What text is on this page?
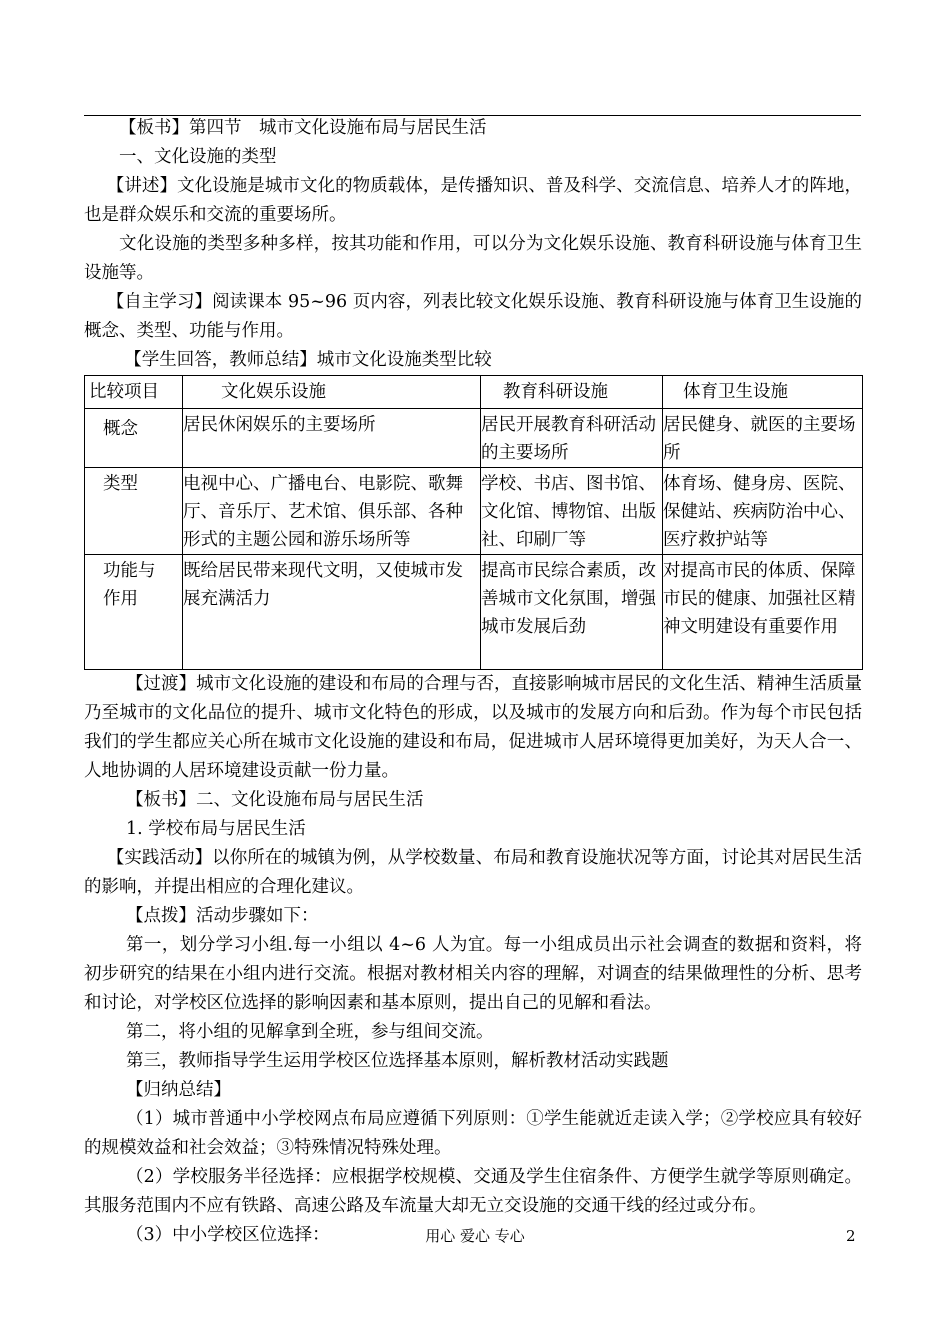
【板书】第四节　城市文化设施布局与居民生活

一、文化设施的类型

【讲述】文化设施是城市文化的物质载体，是传播知识、普及科学、交流信息、培养人才的阵地，也是群众娱乐和交流的重要场所。

文化设施的类型多种多样，按其功能和作用，可以分为文化娱乐设施、教育科研设施与体育卫生设施等。

【自主学习】阅读课本 95~96 页内容，列表比较文化娱乐设施、教育科研设施与体育卫生设施的概念、类型、功能与作用。

【学生回答，教师总结】城市文化设施类型比较

比较项目	文化娱乐设施	教育科研设施	体育卫生设施
概念	居民休闲娱乐的主要场所	居民开展教育科研活动的主要场所	居民健身、就医的主要场所
类型	电视中心、广播电台、电影院、歌舞厅、音乐厅、艺术馆、俱乐部、各种形式的主题公园和游乐场所等	学校、书店、图书馆、文化馆、博物馆、出版社、印刷厂等	体育场、健身房、医院、保健站、疾病防治中心、医疗救护站等
功能与作用	既给居民带来现代文明，又使城市发展充满活力	提高市民综合素质，改善城市文化氛围，增强城市发展后劲	对提高市民的体质、保障市民的健康、加强社区精神文明建设有重要作用

【过渡】城市文化设施的建设和布局的合理与否，直接影响城市居民的文化生活、精神生活质量乃至城市的文化品位的提升、城市文化特色的形成，以及城市的发展方向和后劲。作为每个市民包括我们的学生都应关心所在城市文化设施的建设和布局，促进城市人居环境得更加美好，为天人合一、人地协调的人居环境建设贡献一份力量。

【板书】二、文化设施布局与居民生活

1. 学校布局与居民生活

【实践活动】以你所在的城镇为例，从学校数量、布局和教育设施状况等方面，讨论其对居民生活的影响，并提出相应的合理化建议。

【点拨】活动步骤如下：

第一，划分学习小组.每一小组以 4~6 人为宜。每一小组成员出示社会调查的数据和资料，将初步研究的结果在小组内进行交流。根据对教材相关内容的理解，对调查的结果做理性的分析、思考和讨论，对学校区位选择的影响因素和基本原则，提出自己的见解和看法。

第二，将小组的见解拿到全班，参与组间交流。

第三，教师指导学生运用学校区位选择基本原则，解析教材活动实践题

【归纳总结】

（1）城市普通中小学校网点布局应遵循下列原则：①学生能就近走读入学；②学校应具有较好的规模效益和社会效益；③特殊情况特殊处理。

（2）学校服务半径选择：应根据学校规模、交通及学生住宿条件、方便学生就学等原则确定。其服务范围内不应有铁路、高速公路及车流量大却无立交设施的交通干线的经过或分布。

（3）中小学校区位选择：	用心 爱心 专心	2
